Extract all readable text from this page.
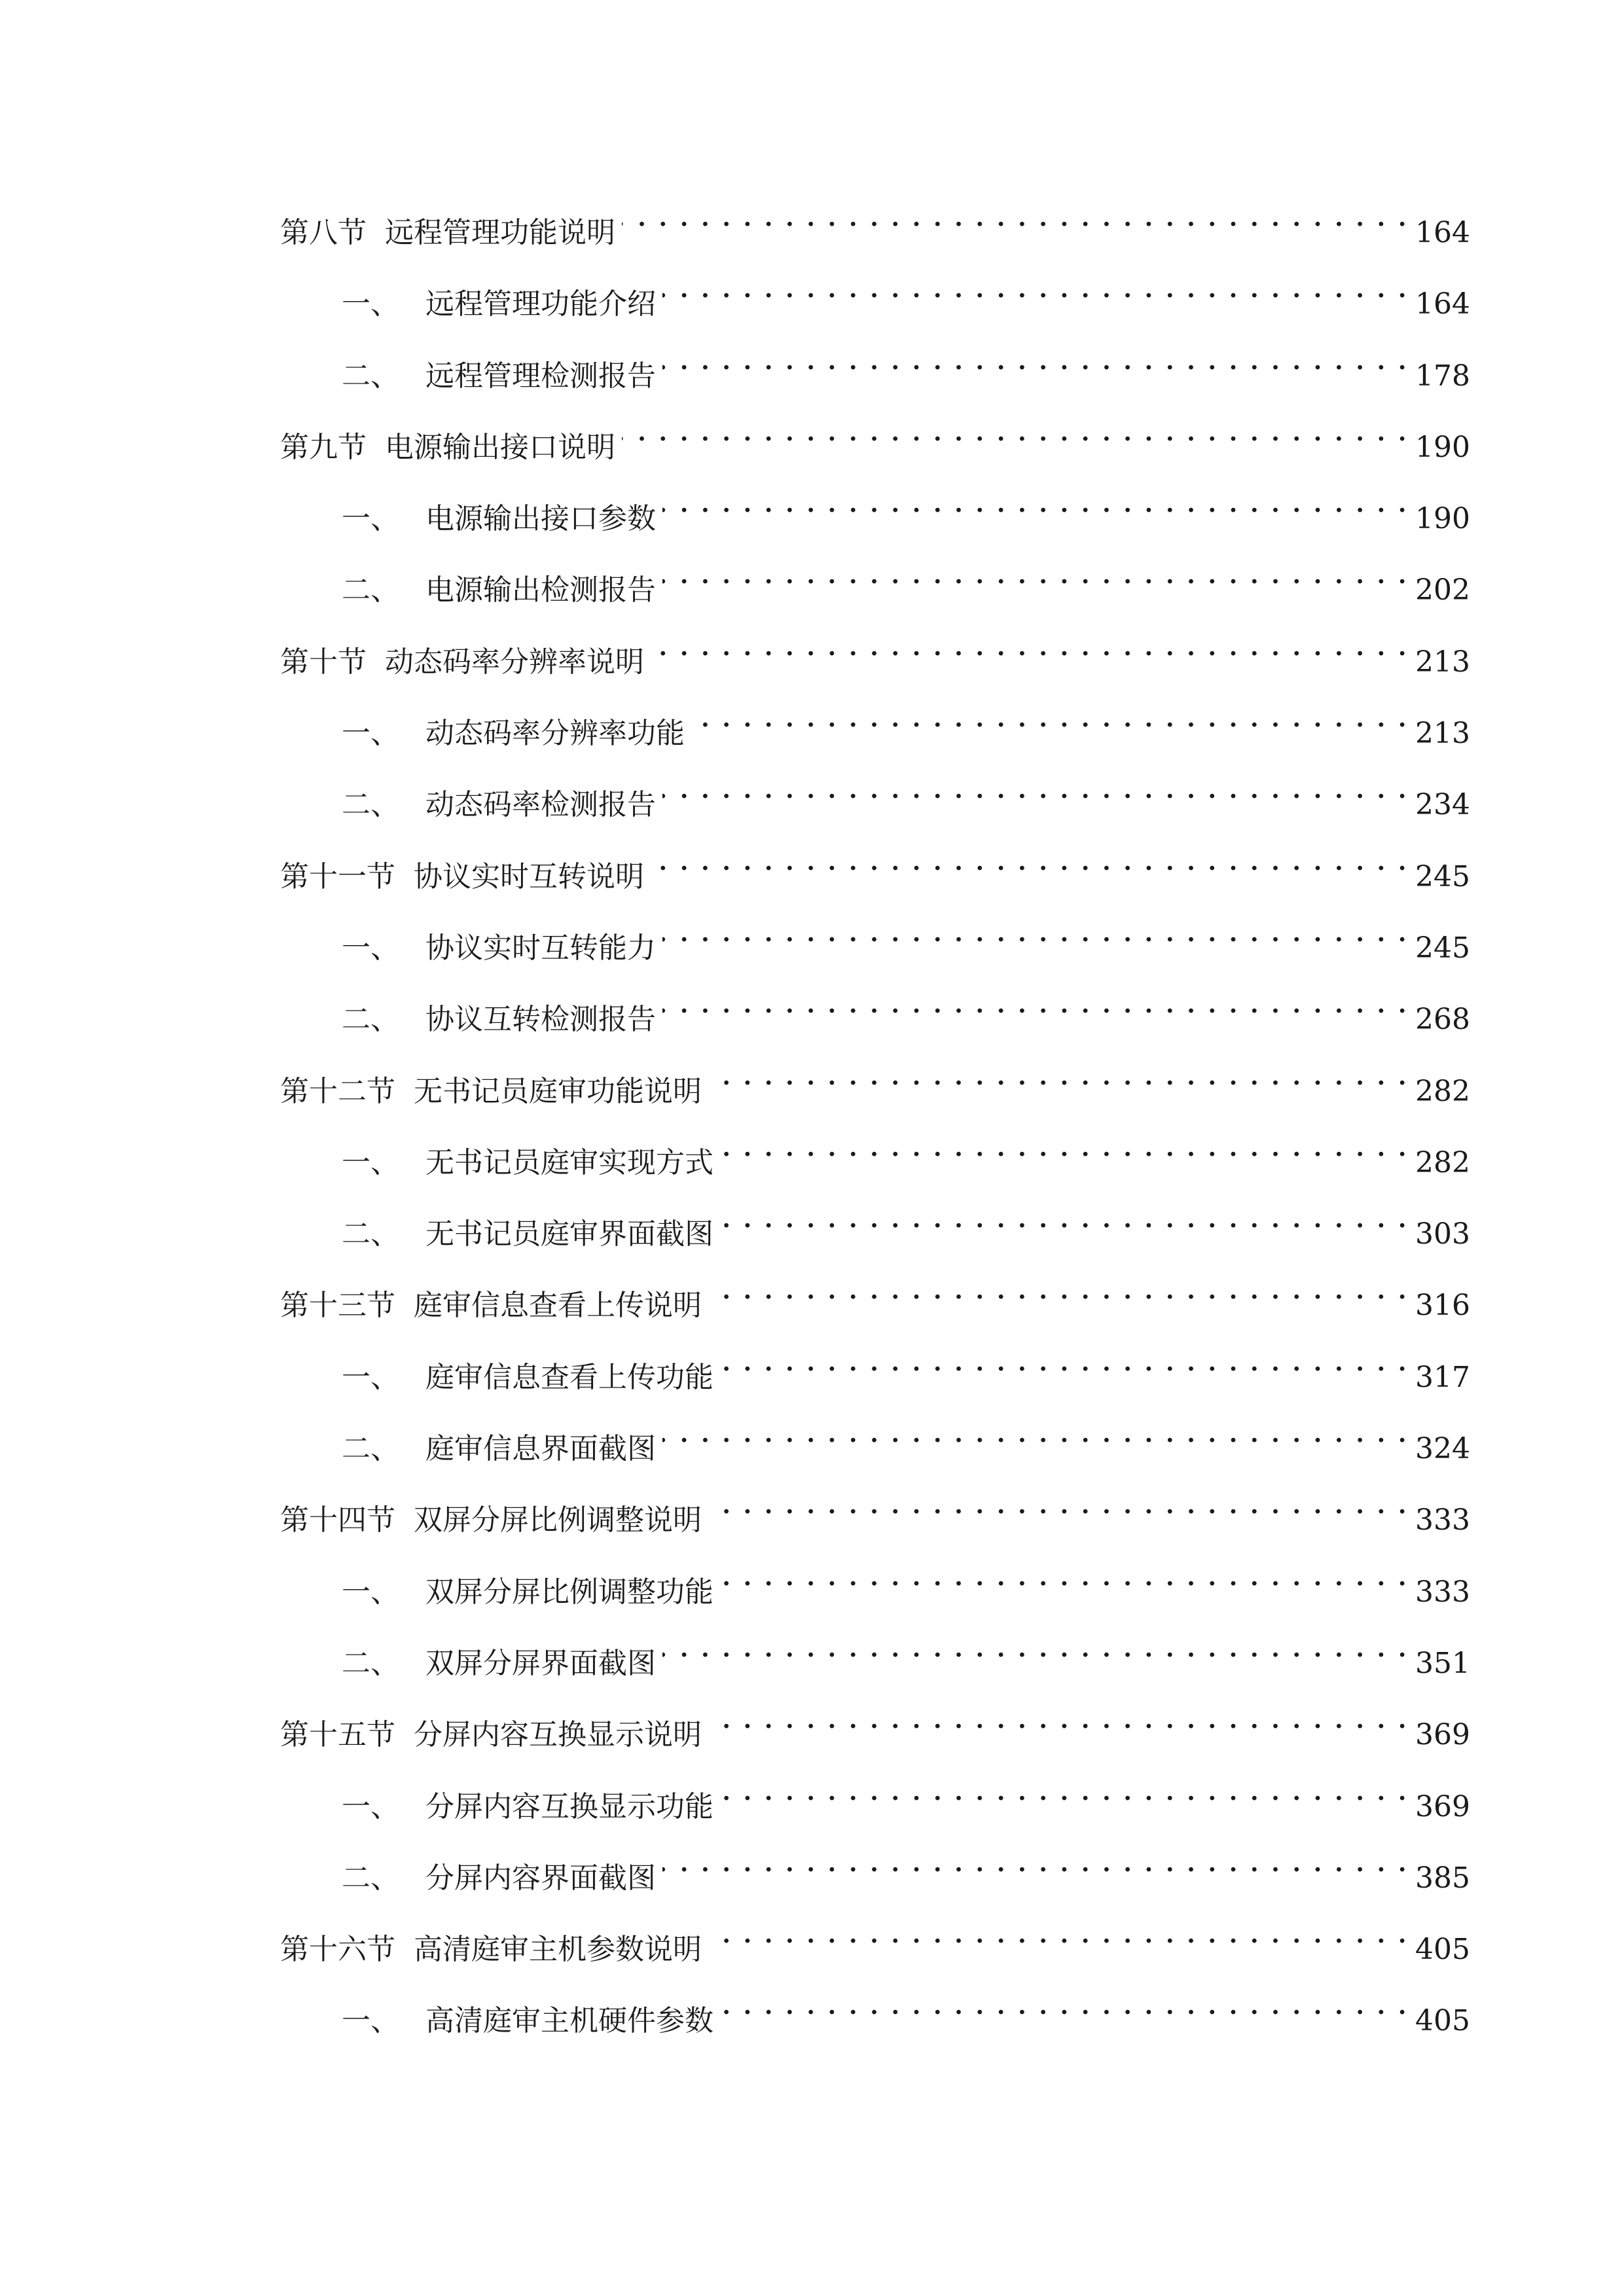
第八节 远程管理功能说明 . . .	164
一、 远程管理功能介绍 . . .	164
二、 远程管理检测报告 . . .	178
第九节 电源输出接口说明 . . .	190
一、 电源输出接口参数 . . .	190
二、 电源输出检测报告 . . .	202
第十节 动态码率分辨率说明 . . .	213
一、 动态码率分辨率功能 . . .	213
二、 动态码率检测报告 . . .	234
第十一节 协议实时互转说明 . . .	245
一、 协议实时互转能力 . . .	245
二、 协议互转检测报告 . . .	268
第十二节 无书记员庭审功能说明 . . .	282
一、 无书记员庭审实现方式 . . .	282
二、 无书记员庭审界面截图 . . .	303
第十三节 庭审信息查看上传说明 . . .	316
一、 庭审信息查看上传功能 . . .	317
二、 庭审信息界面截图 . . .	324
第十四节 双屏分屏比例调整说明 . . .	333
一、 双屏分屏比例调整功能 . . .	333
二、 双屏分屏界面截图 . . .	351
第十五节 分屏内容互换显示说明 . . .	369
一、 分屏内容互换显示功能 . . .	369
二、 分屏内容界面截图 . . .	385
第十六节 高清庭审主机参数说明 . . .	405
一、 高清庭审主机硬件参数 . . .	405
